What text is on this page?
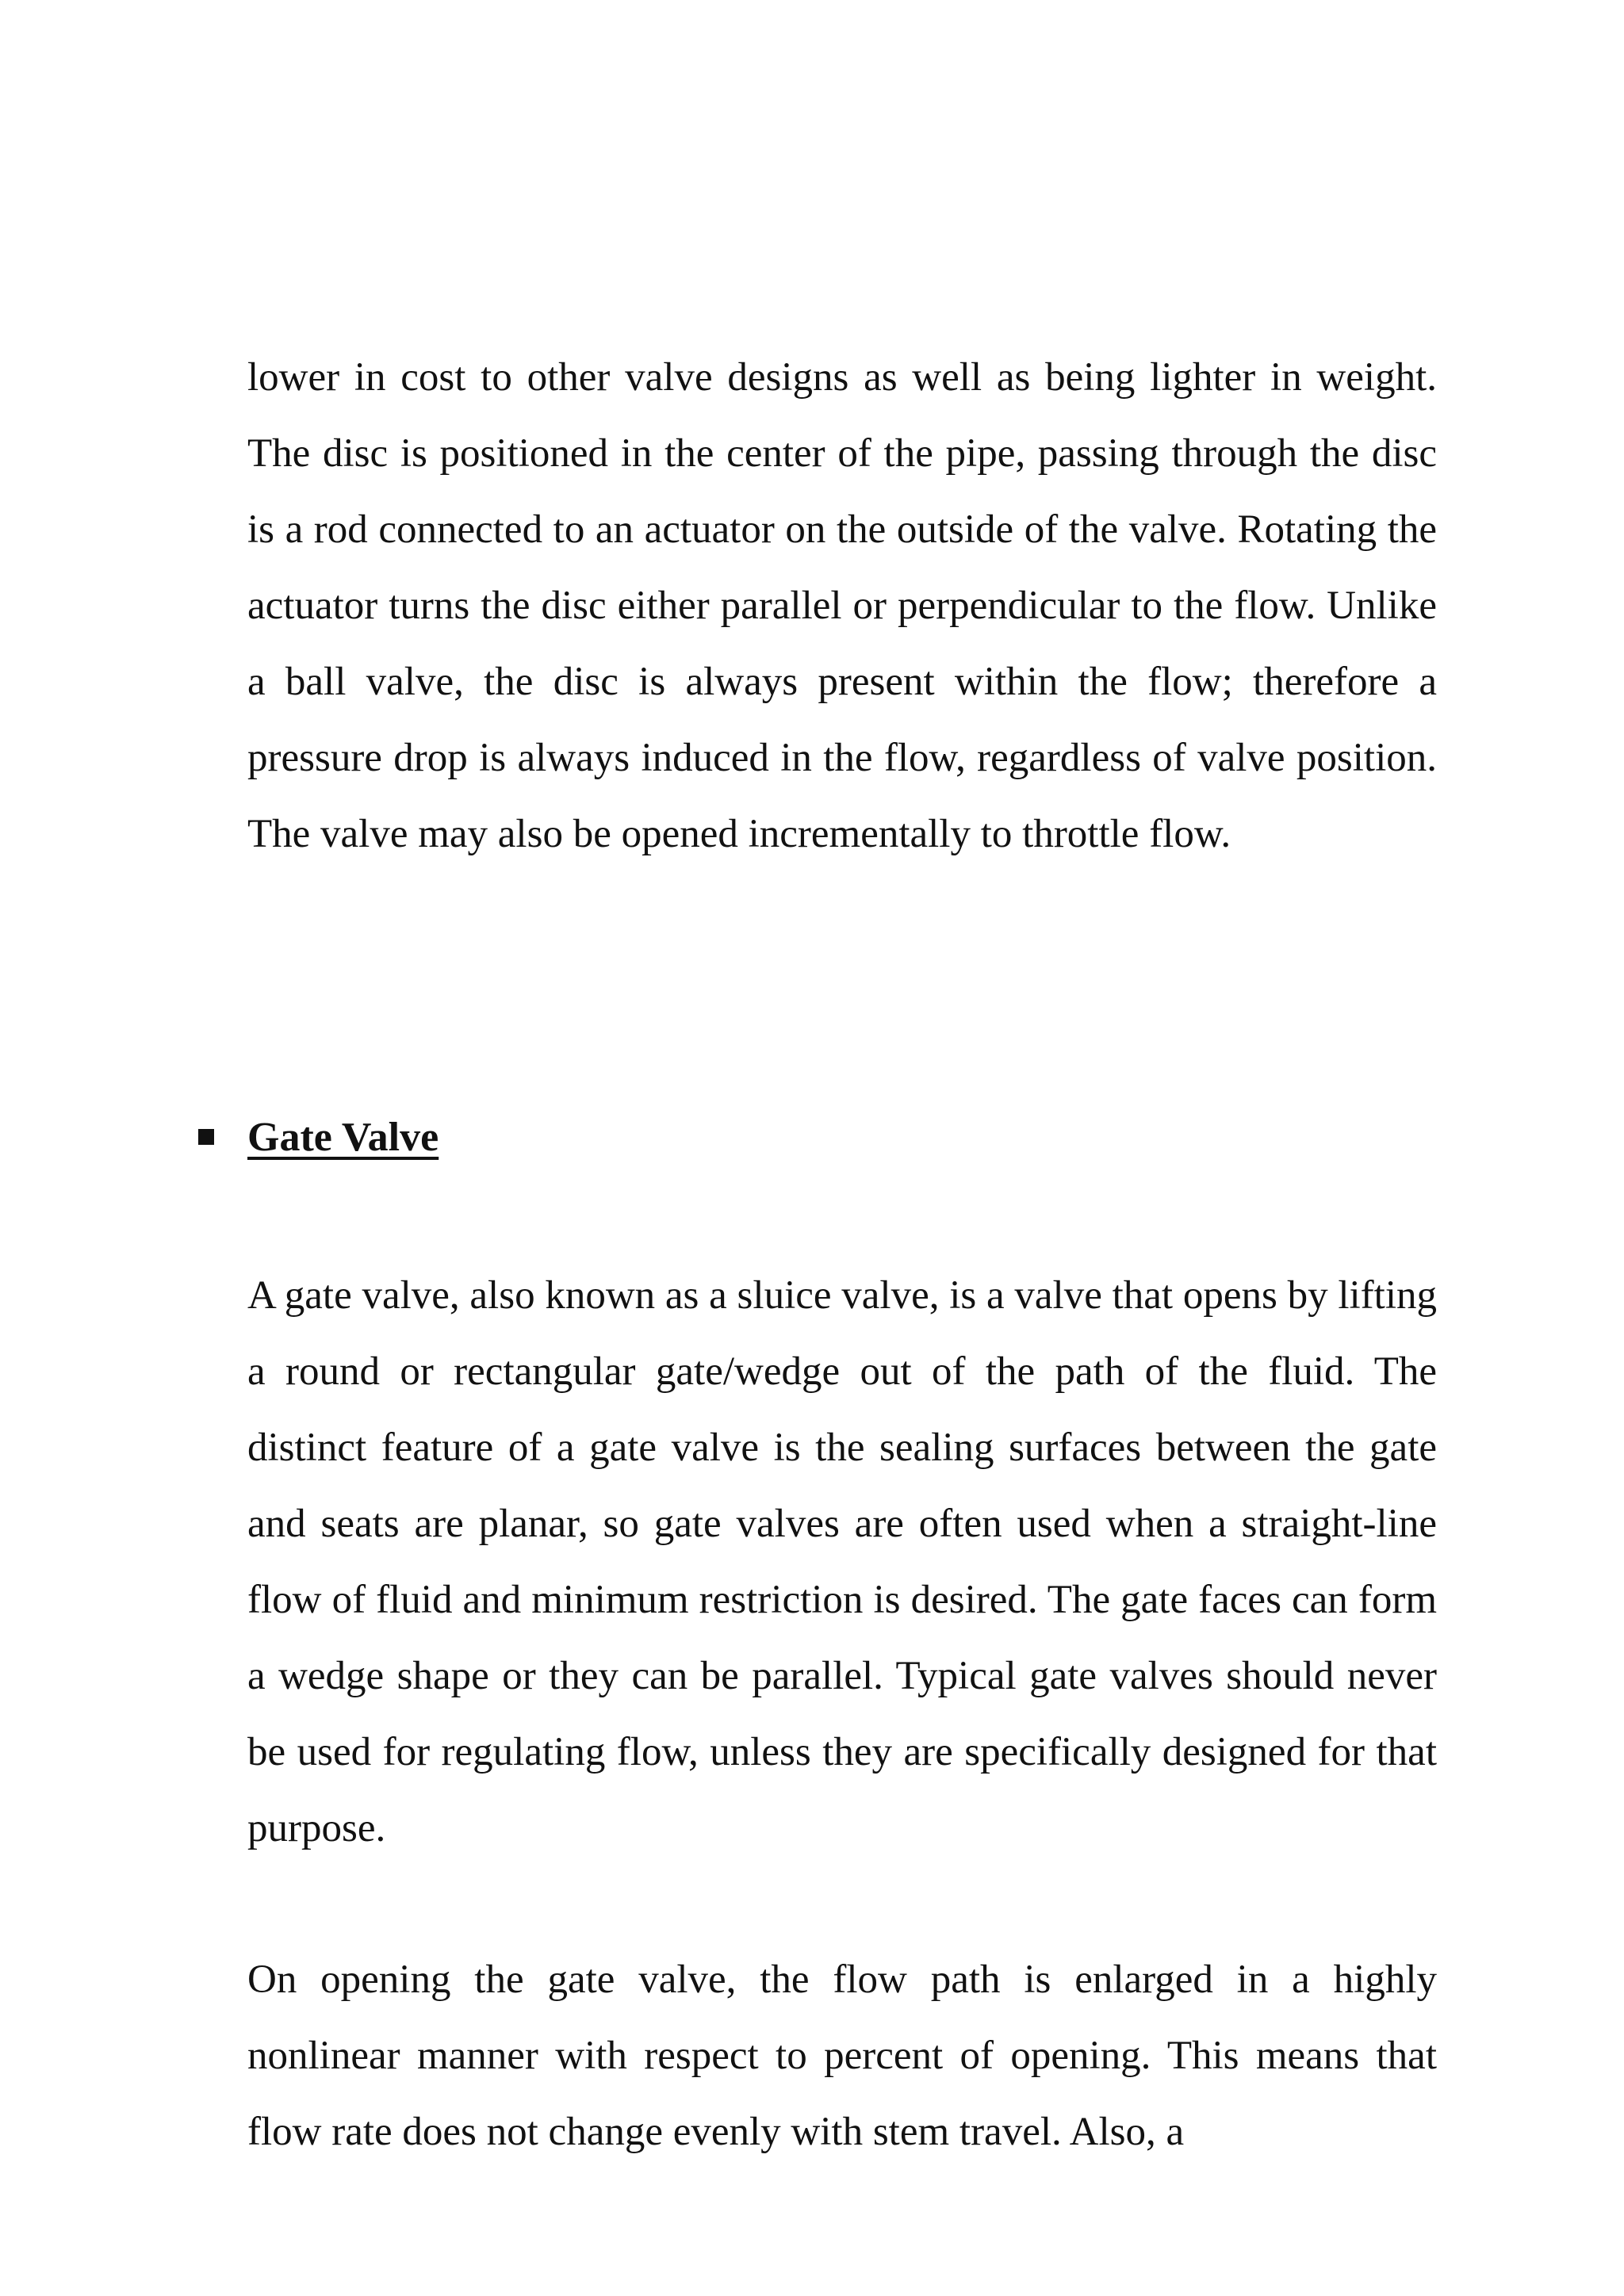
lower in cost to other valve designs as well as being lighter in weight. The disc is positioned in the center of the pipe, passing through the disc is a rod connected to an actuator on the outside of the valve. Rotating the actuator turns the disc either parallel or perpendicular to the flow. Unlike a ball valve, the disc is always present within the flow; therefore a pressure drop is always induced in the flow, regardless of valve position. The valve may also be opened incrementally to throttle flow.

Gate Valve

A gate valve, also known as a sluice valve, is a valve that opens by lifting a round or rectangular gate/wedge out of the path of the fluid. The distinct feature of a gate valve is the sealing surfaces between the gate and seats are planar, so gate valves are often used when a straight-line flow of fluid and minimum restriction is desired. The gate faces can form a wedge shape or they can be parallel. Typical gate valves should never be used for regulating flow, unless they are specifically designed for that purpose.

On opening the gate valve, the flow path is enlarged in a highly nonlinear manner with respect to percent of opening. This means that flow rate does not change evenly with stem travel. Also, a
